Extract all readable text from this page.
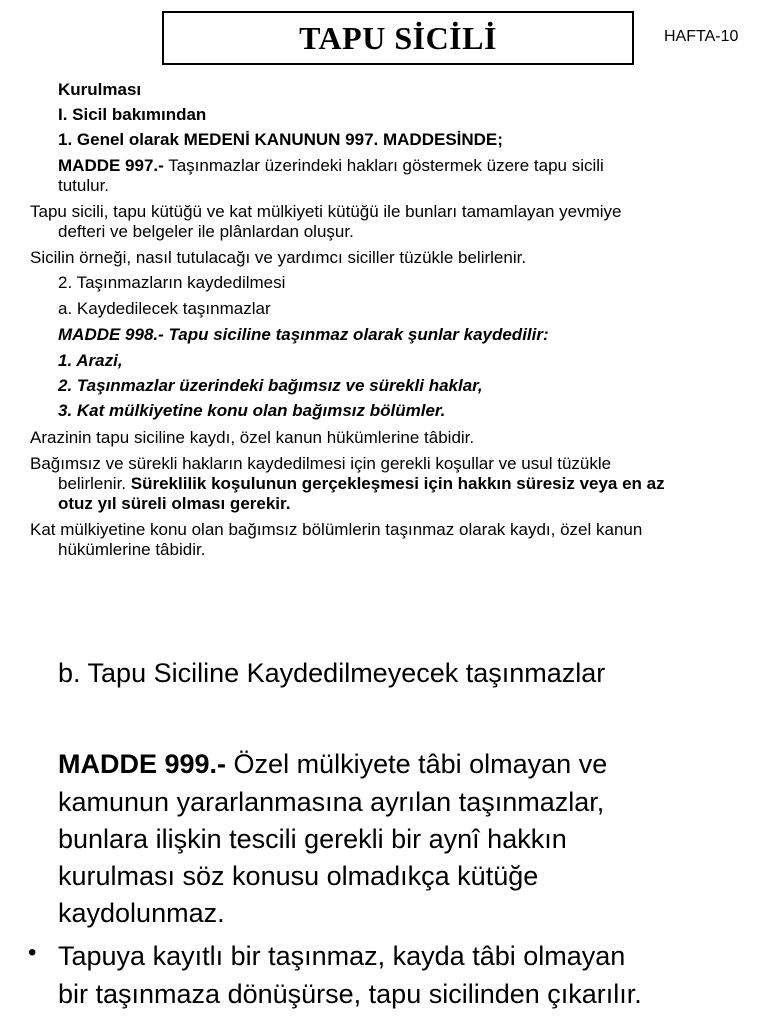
TAPU SİCİLİ	HAFTA-10
Kurulması
I. Sicil bakımından
1. Genel olarak MEDENİ KANUNUN 997. MADDESİNDE;
MADDE 997.- Taşınmazlar üzerindeki hakları göstermek üzere tapu sicili
tutulur.
Tapu sicili, tapu kütüğü ve kat mülkiyeti kütüğü ile bunları tamamlayan yevmiye
defteri ve belgeler ile plânlardan oluşur.
Sicilin örneği, nasıl tutulacağı ve yardımcı siciller tüzükle belirlenir.
2. Taşınmazların kaydedilmesi
a. Kaydedilecek taşınmazlar
MADDE 998.- Tapu siciline taşınmaz olarak şunlar kaydedilir:
1. Arazi,
2. Taşınmazlar üzerindeki bağımsız ve sürekli haklar,
3. Kat mülkiyetine konu olan bağımsız bölümler.
Arazinin tapu siciline kaydı, özel kanun hükümlerine tâbidir.
Bağımsız ve sürekli hakların kaydedilmesi için gerekli koşullar ve usul tüzükle
belirlenir. Süreklilik koşulunun gerçekleşmesi için hakkın süresiz veya en az
otuz yıl süreli olması gerekir.
Kat mülkiyetine konu olan bağımsız bölümlerin taşınmaz olarak kaydı, özel kanun
hükümlerine tâbidir.
b. Tapu Siciline Kaydedilmeyecek taşınmazlar
MADDE 999.- Özel mülkiyete tâbi olmayan ve
kamunun yararlanmasına ayrılan taşınmazlar,
bunlara ilişkin tescili gerekli bir aynî hakkın
kurulması söz konusu olmadıkça kütüğe
kaydolunmaz.
• Tapuya kayıtlı bir taşınmaz, kayda tâbi olmayan
bir taşınmaza dönüşürse, tapu sicilinden çıkarılır.
